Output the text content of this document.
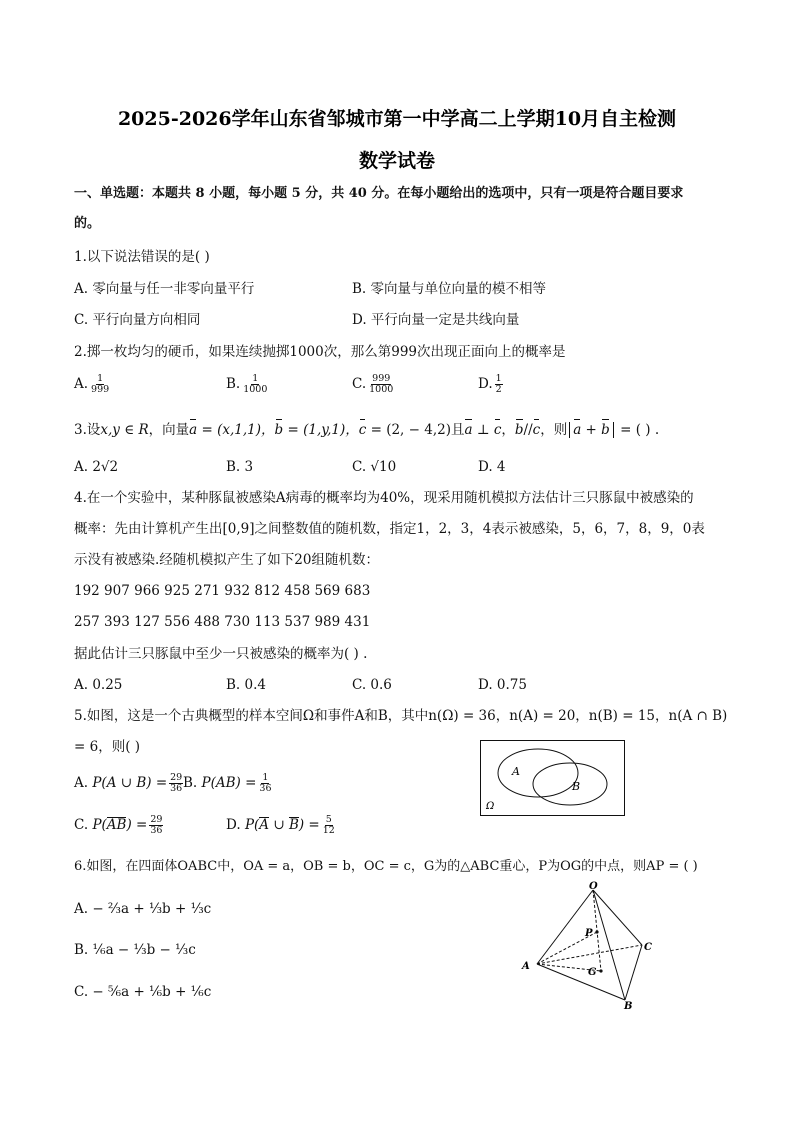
2025-2026学年山东省邹城市第一中学高二上学期10月自主检测
数学试卷
一、单选题：本题共 8 小题，每小题 5 分，共 40 分。在每小题给出的选项中，只有一项是符合题目要求
的。
1.以下说法错误的是( )
A. 零向量与任一非零向量平行	B. 零向量与单位向量的模不相等
C. 平行向量方向相同	D. 平行向量一定是共线向量
2.掷一枚均匀的硬币，如果连续抛掷1000次，那么第999次出现正面向上的概率是
A. $\frac{1}{999}$	B. $\frac{1}{1000}$	C. $\frac{999}{1000}$	D. $\frac{1}{2}$
3.设x,y ∈ R，向量a = (x,1,1)，b = (1,y,1)，c = (2, − 4,2)且a ⊥ c，b//c，则 a + b = ( ) .
A. 2√2	B. 3	C. √10	D. 4
4.在一个实验中，某种豚鼠被感染A病毒的概率均为40%，现采用随机模拟方法估计三只豚鼠中被感染的
概率：先由计算机产生出[0,9]之间整数值的随机数，指定1，2，3，4表示被感染，5，6，7，8，9，0表
示没有被感染.经随机模拟产生了如下20组随机数：
192 907 966 925 271 932 812 458 569 683
257 393 127 556 488 730 113 537 989 431
据此估计三只豚鼠中至少一只被感染的概率为( ) .
A. 0.25	B. 0.4	C. 0.6	D. 0.75
5.如图，这是一个古典概型的样本空间Ω和事件A和B，其中n(Ω) = 36，n(A) = 20，n(B) = 15，n(A ∩ B)
= 6，则( )
A. P(A ∪ $B) = \frac{29}{36} B$. $P(AB) = \frac{1}{36}$
C. $P(AB) = \frac{29}{36}$	D. P(A ∪ $B) = \frac{5}{12}$
A
B
Ω
6.如图，在四面体OABC中，OA = a，OB = b，OC = c，G为的△ABC重心，P为OG的中点，则AP = ( )
A. − ⅔a + ⅓b + ⅓c
B. ⅙a − ⅓b − ⅓c
C. − ⅚a + ⅙b + ⅙c
O
A
B
C
P
G
